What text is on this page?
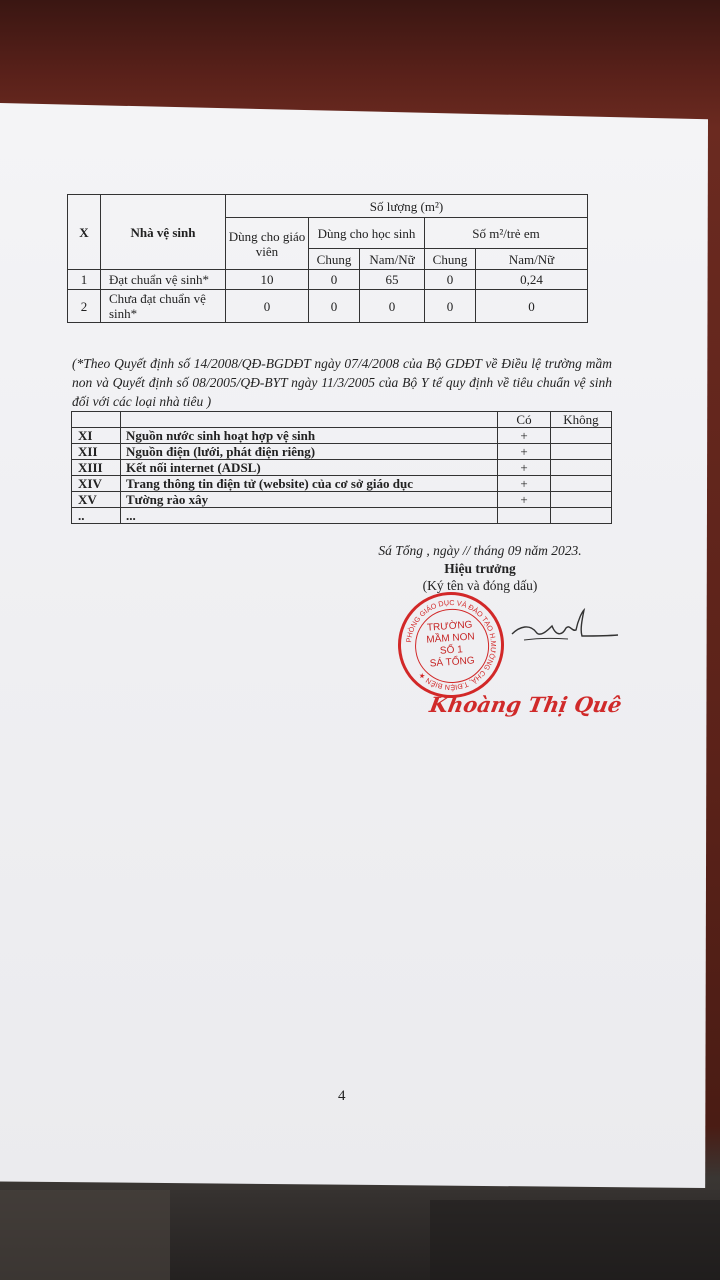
X	Nhà vệ sinh	Số lượng (m²)				
		Dùng cho giáo viên	Dùng cho học sinh		Số m²/trẻ em	
			Chung	Nam/Nữ	Chung	Nam/Nữ
1	Đạt chuẩn vệ sinh*	10	0	65	0	0,24
2	Chưa đạt chuẩn vệ sinh*	0	0	0	0	0
(*Theo Quyết định số 14/2008/QĐ-BGDĐT ngày 07/4/2008 của Bộ GDĐT về Điều lệ trường mầm non và Quyết định số 08/2005/QĐ-BYT ngày 11/3/2005 của Bộ Y tế quy định về tiêu chuẩn vệ sinh đối với các loại nhà tiêu )
		Có	Không
XI	Nguồn nước sinh hoạt hợp vệ sinh	+	
XII	Nguồn điện (lưới, phát điện riêng)	+	
XIII	Kết nối internet (ADSL)	+	
XIV	Trang thông tin điện tử (website) của cơ sở giáo dục	+	
XV	Tường rào xây	+	
..	...		
Sá Tổng , ngày // tháng 09 năm 2023.
Hiệu trưởng
(Ký tên và đóng dấu)
PHÒNG GIÁO DỤC VÀ ĐÀO TẠO H.MƯỜNG CHÀ, T.ĐIỆN BIÊN ★
TRƯỜNG
MẦM NON
SỐ 1
SÁ TỔNG
Khoàng Thị Quê
4
